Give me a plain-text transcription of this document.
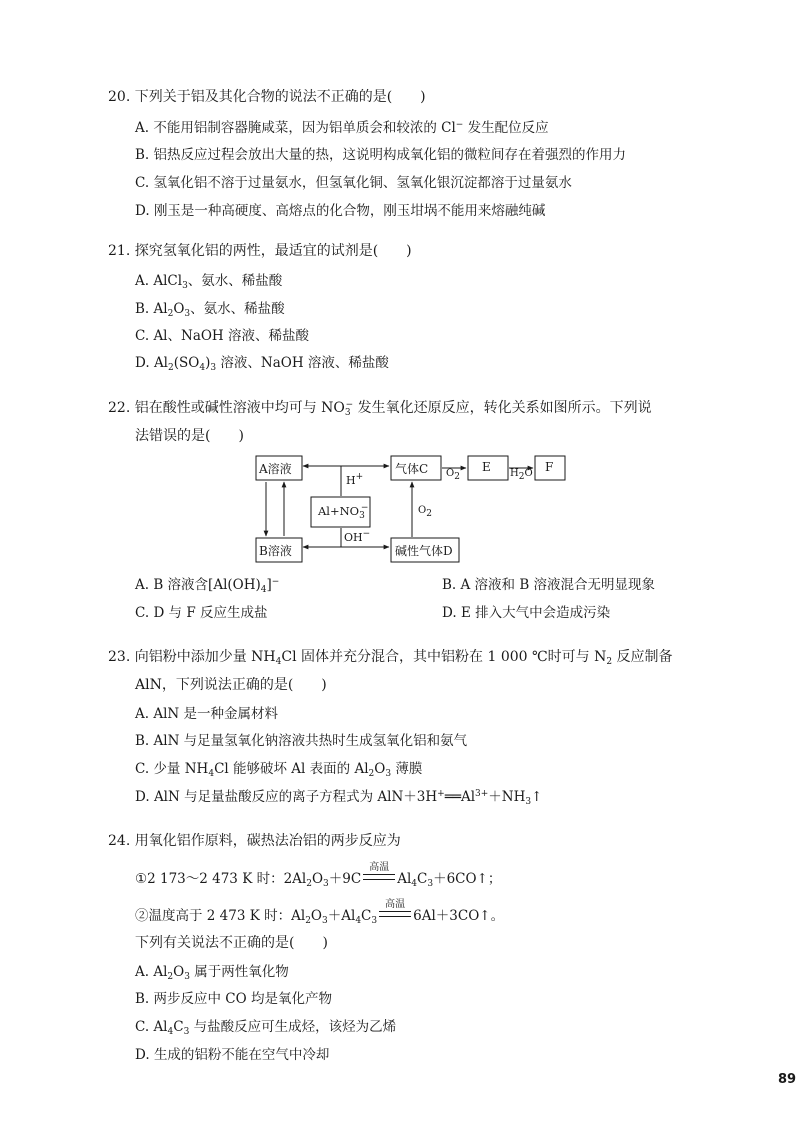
20. 下列关于铝及其化合物的说法不正确的是(　　)
A. 不能用铝制容器腌咸菜，因为铝单质会和较浓的 Cl− 发生配位反应
B. 铝热反应过程会放出大量的热，这说明构成氧化铝的微粒间存在着强烈的作用力
C. 氢氧化铝不溶于过量氨水，但氢氧化铜、氢氧化银沉淀都溶于过量氨水
D. 刚玉是一种高硬度、高熔点的化合物，刚玉坩埚不能用来熔融纯碱
21. 探究氢氧化铝的两性，最适宜的试剂是(　　)
A. AlCl$_3$、氨水、稀盐酸
B. $Al_2O_3$、氨水、稀盐酸
C. Al、NaOH 溶液、稀盐酸
D. $Al_2(SO_4)_3$ 溶液、NaOH 溶液、稀盐酸
22. 铝在酸性或碱性溶液中均可与 $NO_3^-$ 发生氧化还原反应，转化关系如图所示。下列说
法错误的是(　　)
A溶液	气体C	E	F
$Al+NO_3^-$
B溶液	碱性气体D
H+	$O_2$	$H_2O$
$O_2$
OH−
A. B 溶液含$[Al(OH)_4]^-$	B. A 溶液和 B 溶液混合无明显现象
C. D 与 F 反应生成盐	D. E 排入大气中会造成污染
23. 向铝粉中添加少量 $NH_4Cl$ 固体并充分混合，其中铝粉在 1 000 ℃时可与 $N_2$ 反应制备
AlN，下列说法正确的是(　　)
A. AlN 是一种金属材料
B. AlN 与足量氢氧化钠溶液共热时生成氢氧化铝和氨气
C. 少量 $NH_4Cl$ 能够破坏 Al 表面的 $Al_2O_3$ 薄膜
D. AlN 与足量盐酸反应的离子方程式为 $AlN+3H^+══Al^{3+}+NH_3↑$
24. 用氧化铝作原料，碳热法冶铝的两步反应为
①2 173～2 473 K 时：$2Al_2O_3+9C$
高温
$Al_4C_3+6CO↑$；
②温度高于 2 473 K 时：$Al_2O_3+Al_4C_3$
高温
6Al＋3CO↑。
下列有关说法不正确的是(　　)
A. $Al_2O_3$ 属于两性氧化物
B. 两步反应中 CO 均是氧化产物
C. $Al_4C_3$ 与盐酸反应可生成烃，该烃为乙烯
D. 生成的铝粉不能在空气中冷却
89
